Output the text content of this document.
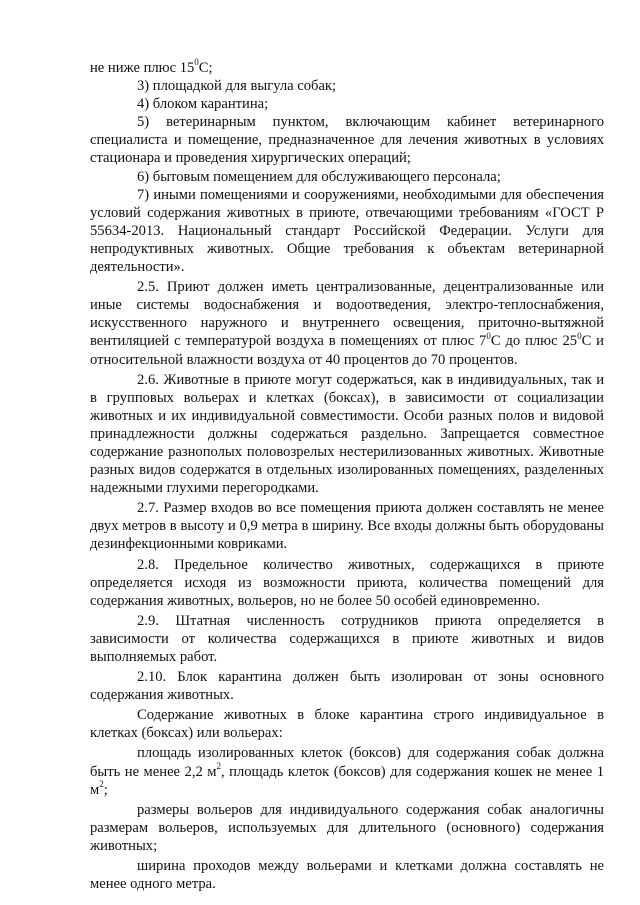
не ниже плюс $15^0С$;

3) площадкой для выгула собак;

4) блоком карантина;

5) ветеринарным пунктом, включающим кабинет ветеринарного специалиста и помещение, предназначенное для лечения животных в условиях стационара и проведения хирургических операций;

6) бытовым помещением для обслуживающего персонала;

7) иными помещениями и сооружениями, необходимыми для обеспечения условий содержания животных в приюте, отвечающими требованиям «ГОСТ Р 55634-2013. Национальный стандарт Российской Федерации. Услуги для непродуктивных животных. Общие требования к объектам ветеринарной деятельности».

2.5. Приют должен иметь централизованные, децентрализованные или иные системы водоснабжения и водоотведения, электро-теплоснабжения, искусственного наружного и внутреннего освещения, приточно-вытяжной вентиляцией с температурой воздуха в помещениях от плюс $7^0С$ до плюс $25^0С$ и относительной влажности воздуха от 40 процентов до 70 процентов.

2.6. Животные в приюте могут содержаться, как в индивидуальных, так и в групповых вольерах и клетках (боксах), в зависимости от социализации животных и их индивидуальной совместимости. Особи разных полов и видовой принадлежности должны содержаться раздельно. Запрещается совместное содержание разнополых половозрелых нестерилизованных животных. Животные разных видов содержатся в отдельных изолированных помещениях, разделенных надежными глухими перегородками.

2.7. Размер входов во все помещения приюта должен составлять не менее двух метров в высоту и 0,9 метра в ширину. Все входы должны быть оборудованы дезинфекционными ковриками.

2.8. Предельное количество животных, содержащихся в приюте определяется исходя из возможности приюта, количества помещений для содержания животных, вольеров, но не более 50 особей единовременно.

2.9. Штатная численность сотрудников приюта определяется в зависимости от количества содержащихся в приюте животных и видов выполняемых работ.

2.10. Блок карантина должен быть изолирован от зоны основного содержания животных.

Содержание животных в блоке карантина строго индивидуальное в клетках (боксах) или вольерах:

площадь изолированных клеток (боксов) для содержания собак должна быть не менее 2,2 $м^2$, площадь клеток (боксов) для содержания кошек не менее 1 $м^2$;

размеры вольеров для индивидуального содержания собак аналогичны размерам вольеров, используемых для длительного (основного) содержания животных;

ширина проходов между вольерами и клетками должна составлять не менее одного метра.
